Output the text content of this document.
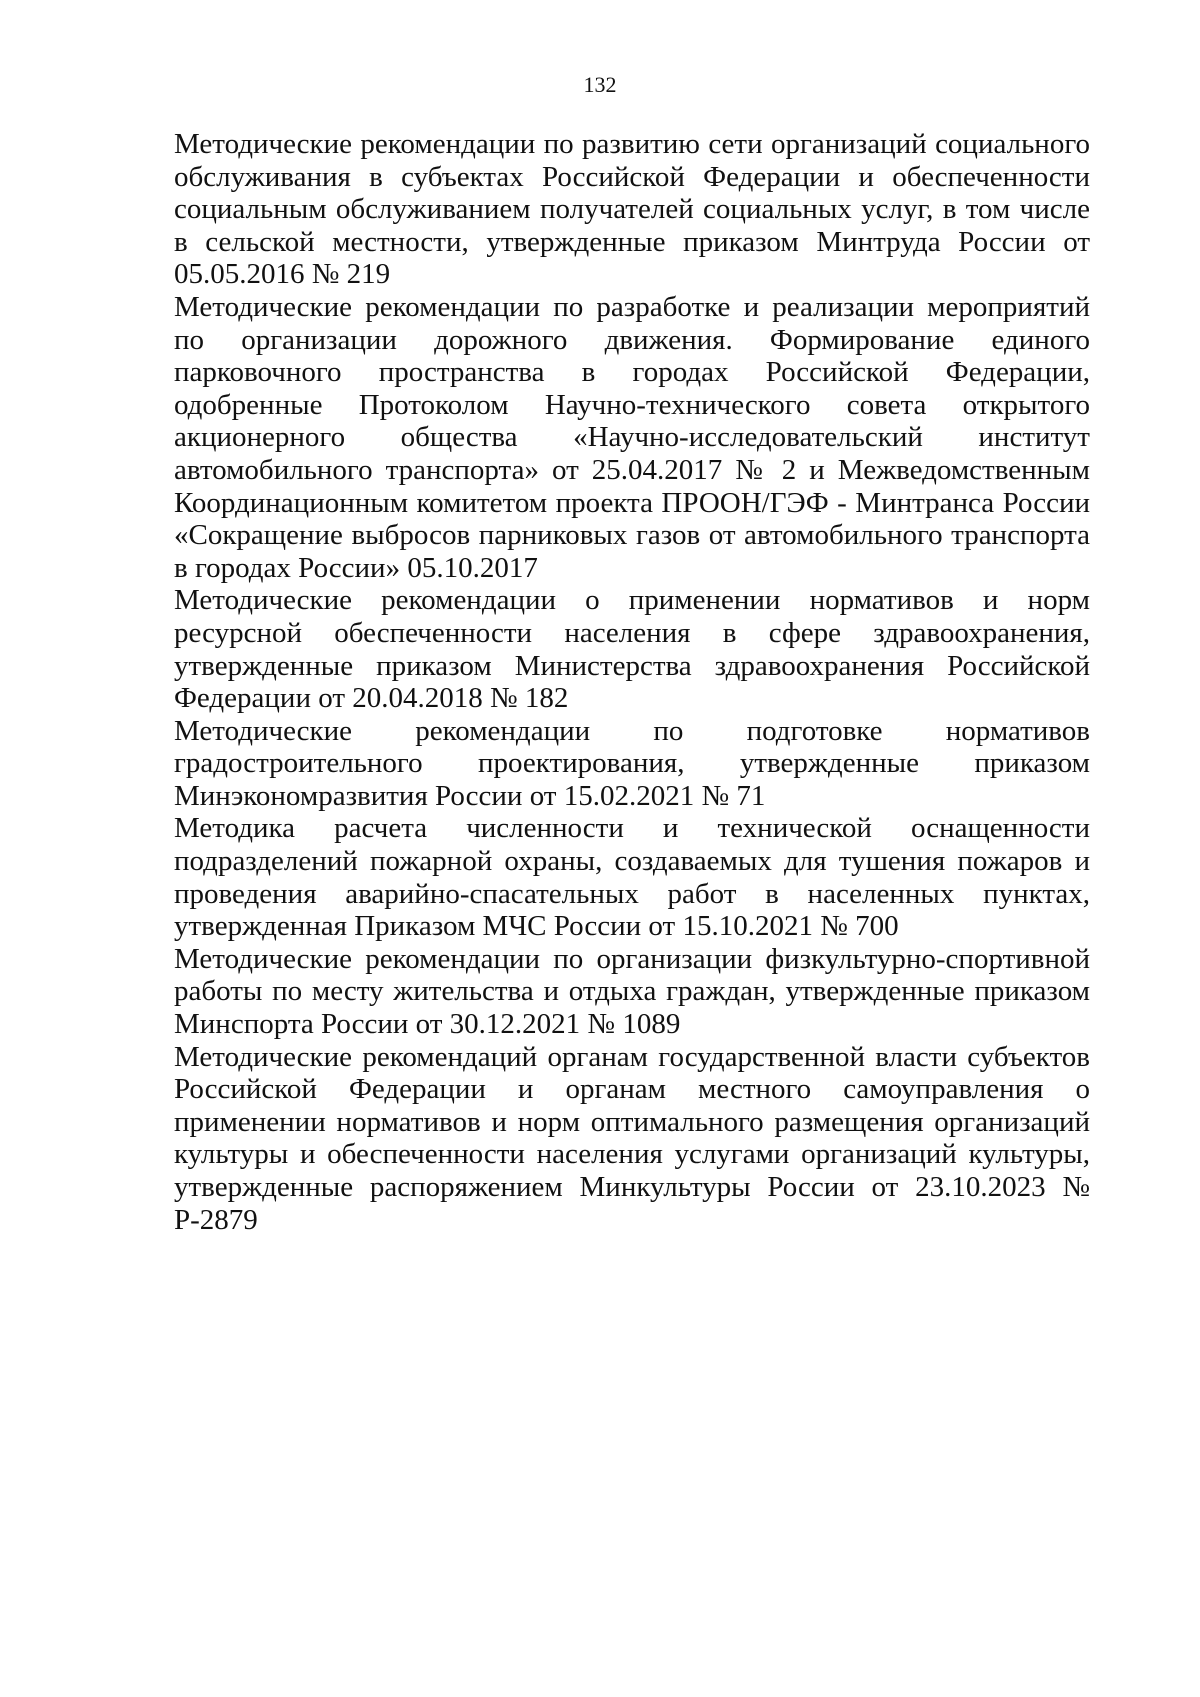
132

Методические рекомендации по развитию сети организаций социального обслуживания в субъектах Российской Федерации и обеспеченности социальным обслуживанием получателей социальных услуг, в том числе в сельской местности, утвержденные приказом Минтруда России от 05.05.2016 № 219

Методические рекомендации по разработке и реализации мероприятий по организации дорожного движения. Формирование единого парковочного пространства в городах Российской Федерации, одобренные Протоколом Научно-технического совета открытого акционерного общества «Научно-исследовательский институт автомобильного транспорта» от 25.04.2017 № 2 и Межведомственным Координационным комитетом проекта ПРООН/ГЭФ - Минтранса России «Сокращение выбросов парниковых газов от автомобильного транспорта в городах России» 05.10.2017

Методические рекомендации о применении нормативов и норм ресурсной обеспеченности населения в сфере здравоохранения, утвержденные приказом Министерства здравоохранения Российской Федерации от 20.04.2018 № 182

Методические рекомендации по подготовке нормативов градостроительного проектирования, утвержденные приказом Минэкономразвития России от 15.02.2021 № 71

Методика расчета численности и технической оснащенности подразделений пожарной охраны, создаваемых для тушения пожаров и проведения аварийно-спасательных работ в населенных пунктах, утвержденная Приказом МЧС России от 15.10.2021 № 700

Методические рекомендации по организации физкультурно-спортивной работы по месту жительства и отдыха граждан, утвержденные приказом Минспорта России от 30.12.2021 № 1089

Методические рекомендаций органам государственной власти субъектов Российской Федерации и органам местного самоуправления о применении нормативов и норм оптимального размещения организаций культуры и обеспеченности населения услугами организаций культуры, утвержденные распоряжением Минкультуры России от 23.10.2023 № Р-2879
